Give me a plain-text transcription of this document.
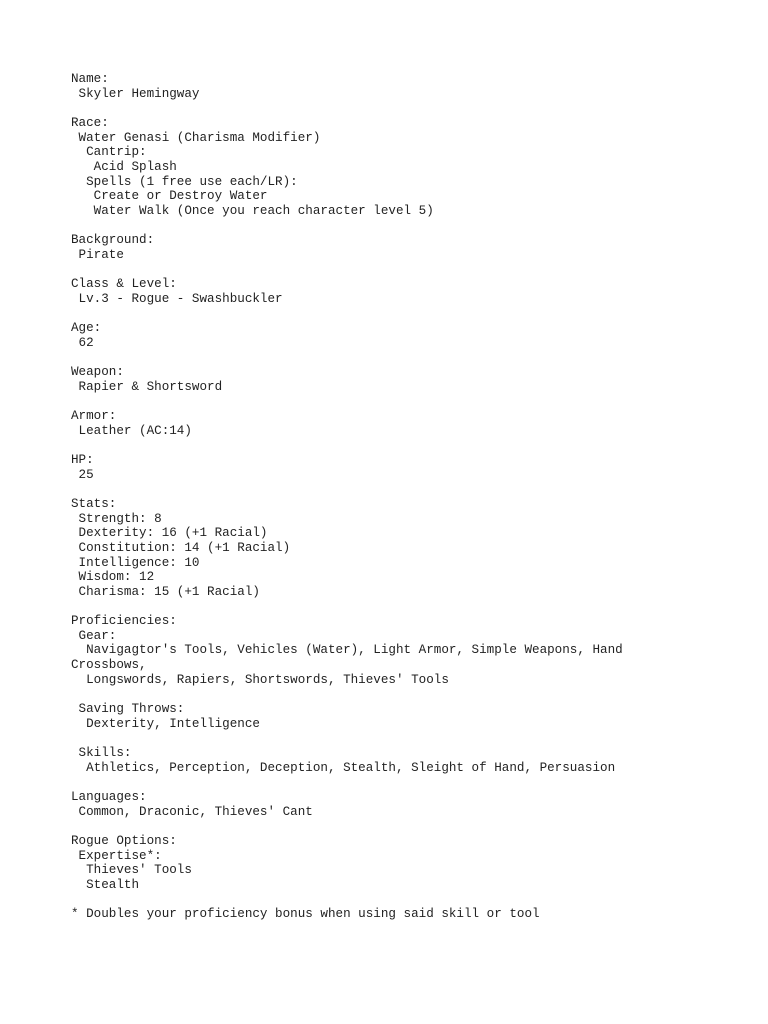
Name:
Skyler Hemingway
Race:
Water Genasi (Charisma Modifier)
Cantrip:
Acid Splash
Spells (1 free use each/LR):
Create or Destroy Water
Water Walk (Once you reach character level 5)
Background:
Pirate
Class & Level:
Lv.3 - Rogue - Swashbuckler
Age:
62
Weapon:
Rapier & Shortsword
Armor:
Leather (AC:14)
HP:
25
Stats:
Strength: 8
Dexterity: 16 (+1 Racial)
Constitution: 14 (+1 Racial)
Intelligence: 10
Wisdom: 12
Charisma: 15 (+1 Racial)
Proficiencies:
Gear:
Navigagtor's Tools, Vehicles (Water), Light Armor, Simple Weapons, Hand
Crossbows,
Longswords, Rapiers, Shortswords, Thieves' Tools
Saving Throws:
Dexterity, Intelligence
Skills:
Athletics, Perception, Deception, Stealth, Sleight of Hand, Persuasion
Languages:
Common, Draconic, Thieves' Cant
Rogue Options:
Expertise*:
Thieves' Tools
Stealth
* Doubles your proficiency bonus when using said skill or tool
